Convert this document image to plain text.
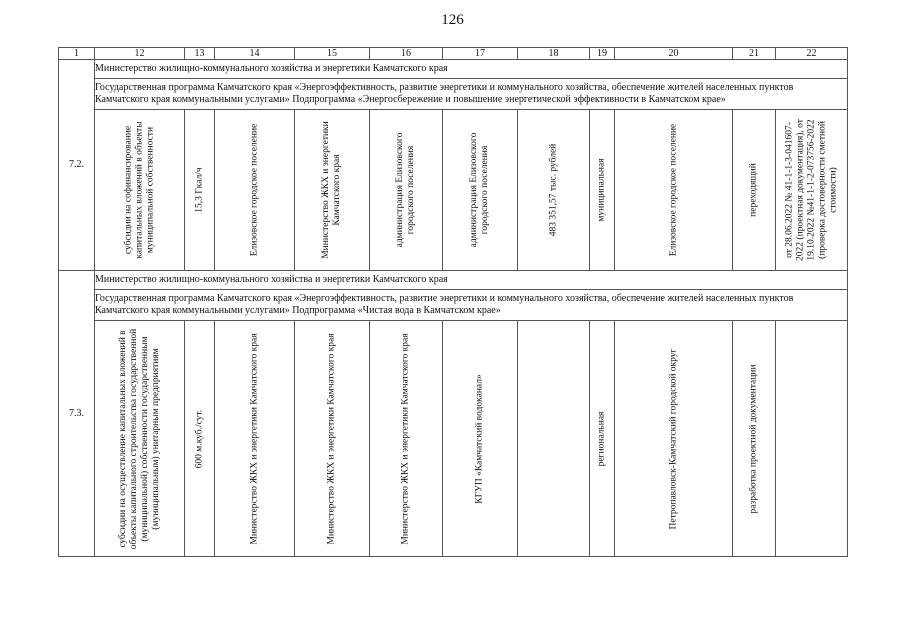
126
1	12	13	14	15	16	17	18	19	20	21	22
7.2.	Министерство жилищно-коммунального хозяйства и энергетики Камчатского края										
	Государственная программа Камчатского края «Энергоэффективность, развитие энергетики и коммунального хозяйства, обеспечение жителей населенных пунктов Камчатского края коммунальными услугами» Подпрограмма «Энергосбережение и повышение энергетической эффективности в Камчатском крае»										

	субсидии на софинансирование капитальных вложений в объекты муниципальной собственности	15,3 Гкал/ч	Елизовское городское поселение	Министерство ЖКХ и энергетики Камчатского края	администрация Елизовского городского поселения	администрация Елизовского городского поселения	483 351,57 тыс. рублей	муниципальная	Елизовское городское поселение	переходящий	от 28.06.2022 № 41-1-1-3-041607-2022 (проектная документация), от 19.10.2022 №41-1-1-2-073756-2022 (проверка достоверности сметной стоимости)

7.3.	Министерство жилищно-коммунального хозяйства и энергетики Камчатского края										
	Государственная программа Камчатского края «Энергоэффективность, развитие энергетики и коммунального хозяйства, обеспечение жителей населенных пунктов Камчатского края коммунальными услугами» Подпрограмма «Чистая вода в Камчатском крае»										

	субсидии на осуществление капитальных вложений в объекты капитального строительства государственной (муниципальной) собственности государственным (муниципальным) унитарным предприятиям	600 м.куб./сут.	Министерство ЖКХ и энергетики Камчатского края	Министерство ЖКХ и энергетики Камчатского края	Министерство ЖКХ и энергетики Камчатского края	КГУП «Камчатский водоканал»		региональная	Петропавловск-Камчатский городской округ	разработка проектной документации	
